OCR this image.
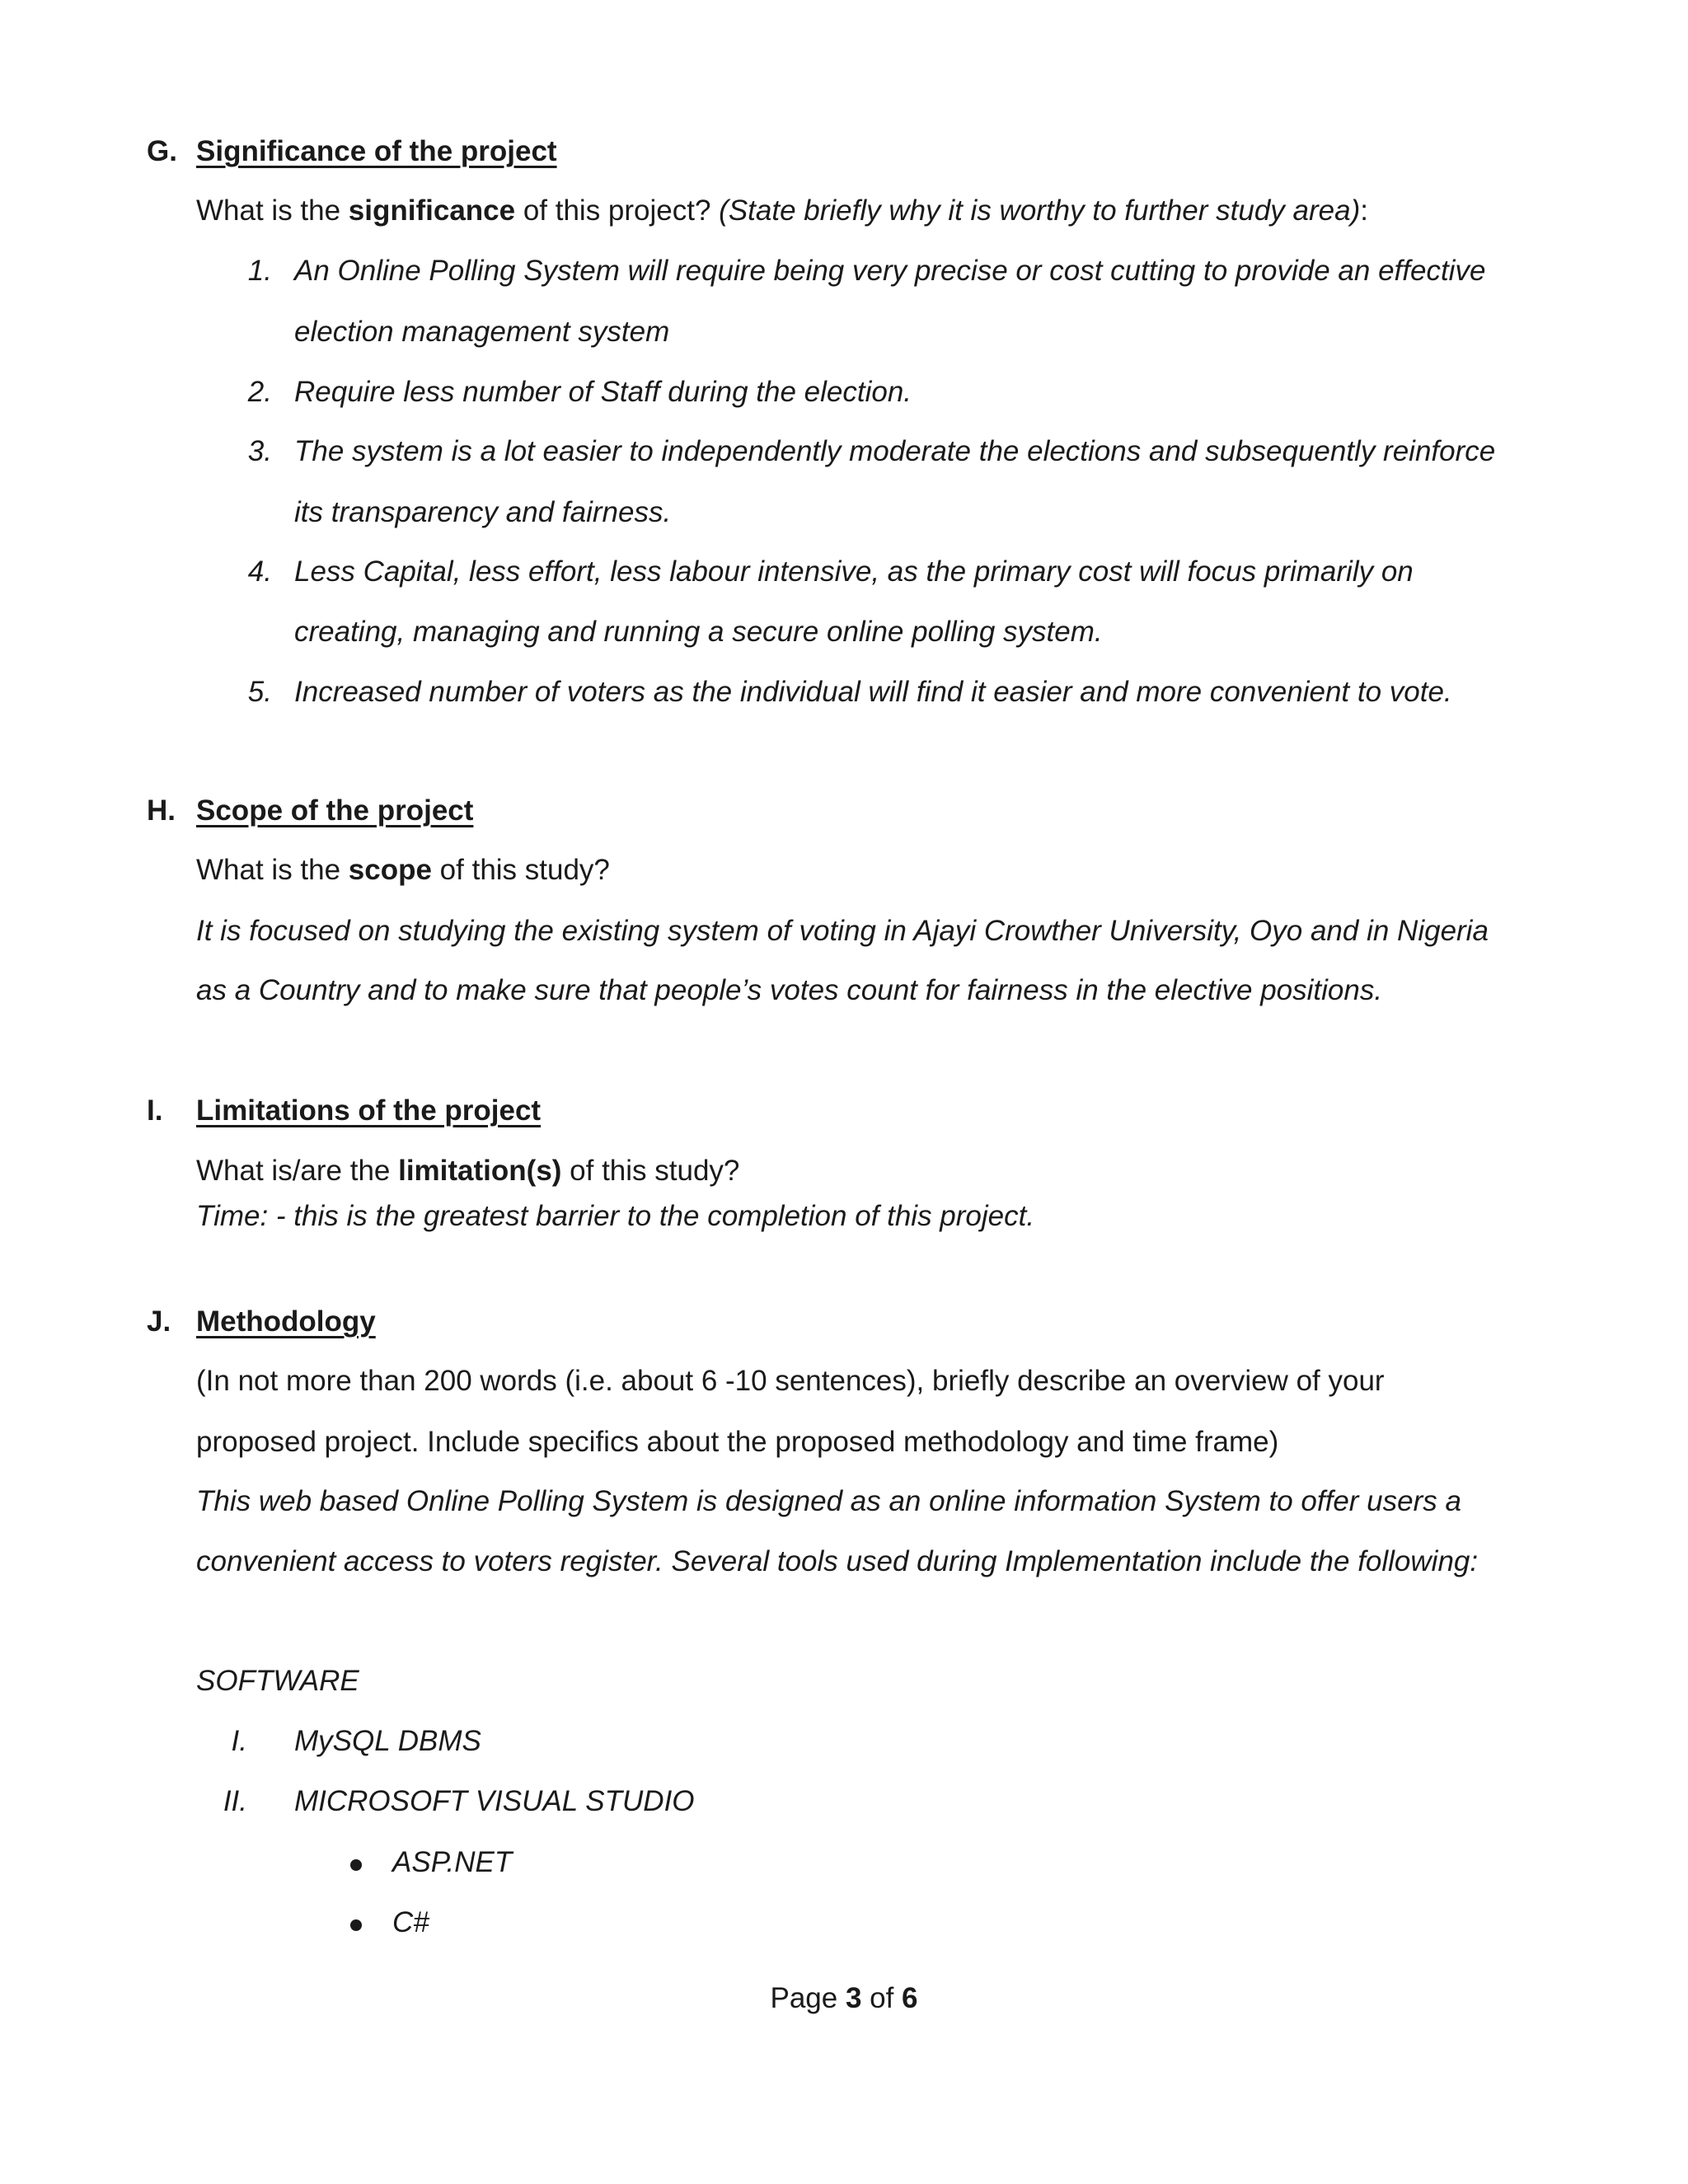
G. Significance of the project
What is the significance of this project? (State briefly why it is worthy to further study area):
1. An Online Polling System will require being very precise or cost cutting to provide an effective
election management system
2. Require less number of Staff during the election.
3. The system is a lot easier to independently moderate the elections and subsequently reinforce
its transparency and fairness.
4. Less Capital, less effort, less labour intensive, as the primary cost will focus primarily on
creating, managing and running a secure online polling system.
5. Increased number of voters as the individual will find it easier and more convenient to vote.
H. Scope of the project
What is the scope of this study?
It is focused on studying the existing system of voting in Ajayi Crowther University, Oyo and in Nigeria
as a Country and to make sure that people’s votes count for fairness in the elective positions.
I. Limitations of the project
What is/are the limitation(s) of this study?
Time: - this is the greatest barrier to the completion of this project.
J. Methodology
(In not more than 200 words (i.e. about 6 -10 sentences), briefly describe an overview of your
proposed project. Include specifics about the proposed methodology and time frame)
This web based Online Polling System is designed as an online information System to offer users a
convenient access to voters register. Several tools used during Implementation include the following:
SOFTWARE
I. MySQL DBMS
II. MICROSOFT VISUAL STUDIO
ASP.NET
C#
Page 3 of 6
